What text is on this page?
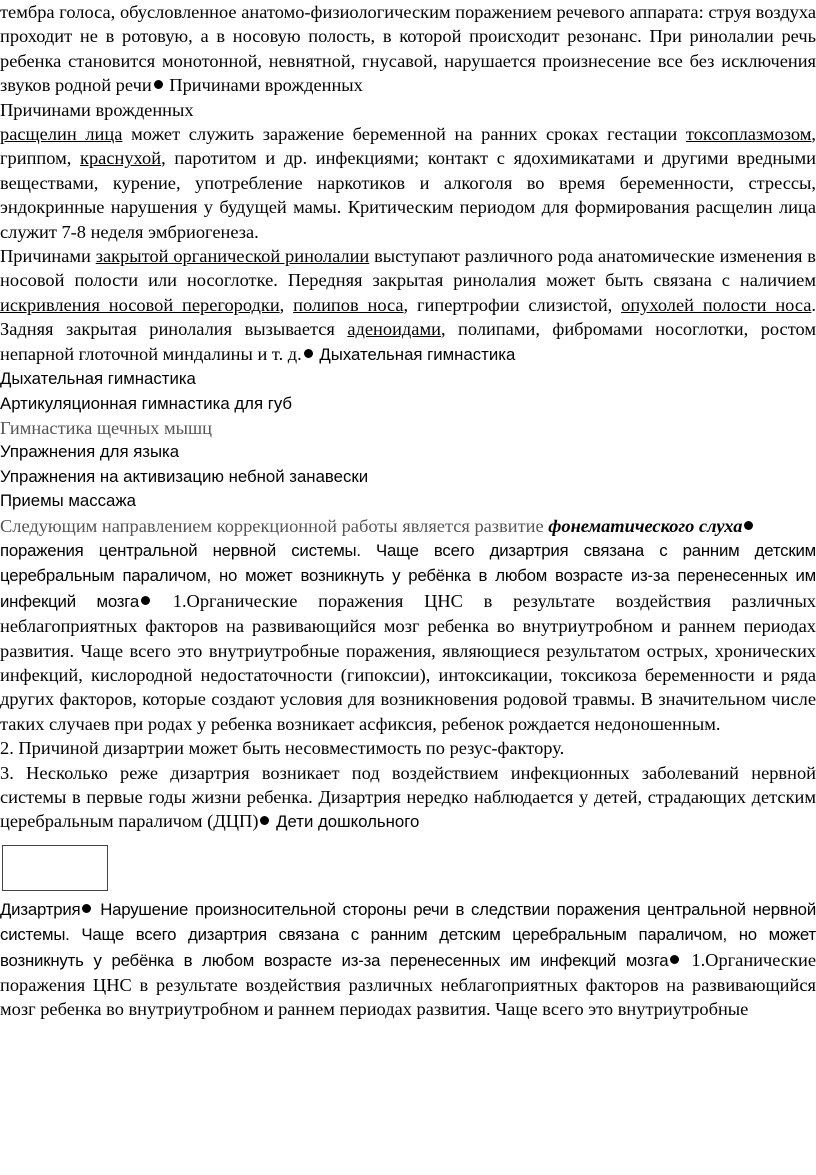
тембра голоса, обусловленное анатомо-физиологическим поражением речевого аппарата: струя воздуха проходит не в ротовую, а в носовую полость, в которой происходит резонанс. При ринолалии речь ребенка становится монотонной, невнятной, гнусавой, нарушается произнесение все без исключения звуков родной речи Причинами врожденных

Причинами врожденных

расщелин лица может служить заражение беременной на ранних сроках гестации токсоплазмозом, гриппом, краснухой, паротитом и др. инфекциями; контакт с ядохимикатами и другими вредными веществами, курение, употребление наркотиков и алкоголя во время беременности, стрессы, эндокринные нарушения у будущей мамы. Критическим периодом для формирования расщелин лица служит 7-8 неделя эмбриогенеза.

Причинами закрытой органической ринолалии выступают различного рода анатомические изменения в носовой полости или носоглотке. Передняя закрытая ринолалия может быть связана с наличием искривления носовой перегородки, полипов носа, гипертрофии слизистой, опухолей полости носа. Задняя закрытая ринолалия вызывается аденоидами, полипами, фибромами носоглотки, ростом непарной глоточной миндалины и т. д. Дыхательная гимнастика

Дыхательная гимнастика

Артикуляционная гимнастика для губ

Гимнастика щечных мышц

Упражнения для языка

Упражнения на активизацию небной занавески

Приемы массажа

Следующим направлением коррекционной работы является развитие фонематического слуха

поражения центральной нервной системы. Чаще всего дизартрия связана с ранним детским церебральным параличом, но может возникнуть у ребёнка в любом возрасте из-за перенесенных им инфекций мозга 1.Органические поражения ЦНС в результате воздействия различных неблагоприятных факторов на развивающийся мозг ребенка во внутриутробном и раннем периодах развития. Чаще всего это внутриутробные поражения, являющиеся результатом острых, хронических инфекций, кислородной недостаточности (гипоксии), интоксикации, токсикоза беременности и ряда других факторов, которые создают условия для возникновения родовой травмы. В значительном числе таких случаев при родах у ребенка возникает асфиксия, ребенок рождается недоношенным.

2. Причиной дизартрии может быть несовместимость по резус-фактору.

3. Несколько реже дизартрия возникает под воздействием инфекционных заболеваний нервной системы в первые годы жизни ребенка. Дизартрия нередко наблюдается у детей, страдающих детским церебральным параличом (ДЦП) Дети дошкольного

Дизартрия Нарушение произносительной стороны речи в следствии поражения центральной нервной системы. Чаще всего дизартрия связана с ранним детским церебральным параличом, но может возникнуть у ребёнка в любом возрасте из-за перенесенных им инфекций мозга 1.Органические поражения ЦНС в результате воздействия различных неблагоприятных факторов на развивающийся мозг ребенка во внутриутробном и раннем периодах развития. Чаще всего это внутриутробные
